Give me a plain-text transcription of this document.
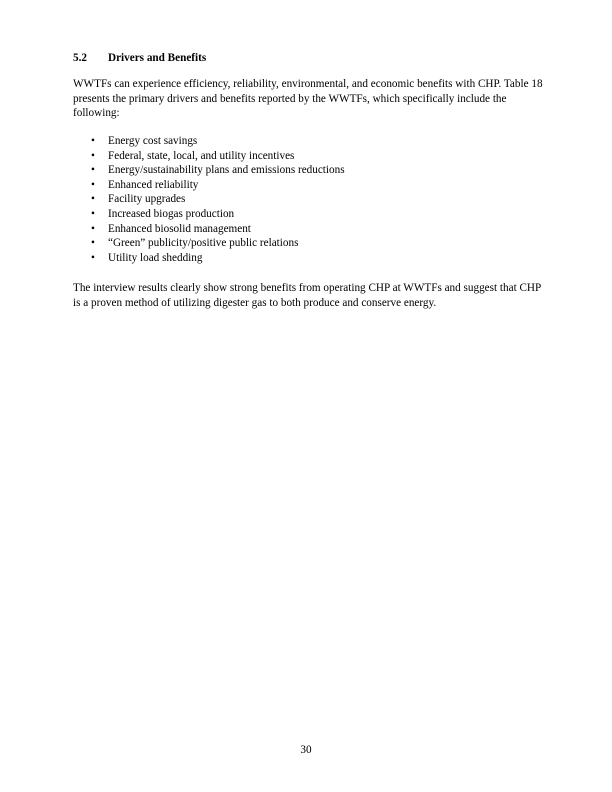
5.2 Drivers and Benefits

WWTFs can experience efficiency, reliability, environmental, and economic benefits with CHP. Table 18 presents the primary drivers and benefits reported by the WWTFs, which specifically include the following:

• Energy cost savings
• Federal, state, local, and utility incentives
• Energy/sustainability plans and emissions reductions
• Enhanced reliability
• Facility upgrades
• Increased biogas production
• Enhanced biosolid management
• “Green” publicity/positive public relations
• Utility load shedding

The interview results clearly show strong benefits from operating CHP at WWTFs and suggest that CHP is a proven method of utilizing digester gas to both produce and conserve energy.

30
